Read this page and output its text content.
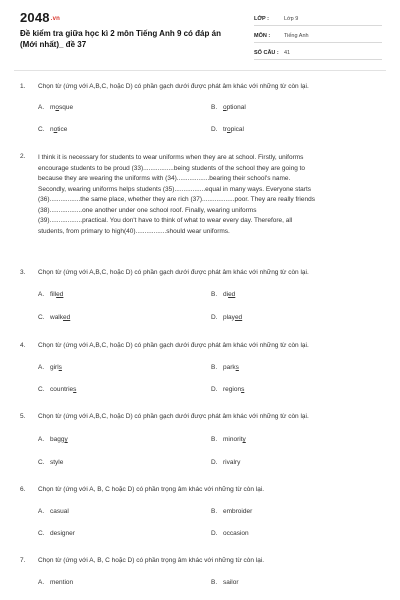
2048.vn
Đề kiểm tra giữa học kì 2 môn Tiếng Anh 9 có đáp án (Mới nhất)_ đề 37
LỚP :	Lớp 9
MÔN :	Tiếng Anh
SỐ CÂU : 41
1.	Chọn từ (ứng với A,B,C, hoặc D) có phần gạch dưới được phát âm khác với những từ còn lại.
A. mosque	B. optional
C. notice	D. tropical
2.	I think it is necessary for students to wear uniforms when they are at school. Firstly, uniforms
encourage students to be proud (33).................being students of the school they are going to
because they are wearing the uniforms with (34)..................bearing their school's name.
Secondly, wearing uniforms helps students (35).................equal in many ways. Everyone starts
(36).................the same place, whether they are rich (37)..................poor. They are really friends
(38)..................one another under one school roof. Finally, wearing uniforms
(39)..................practical. You don't have to think of what to wear every day. Therefore, all
students, from primary to high(40).................should wear uniforms.
3.	Chọn từ (ứng với A,B,C, hoặc D) có phần gạch dưới được phát âm khác với những từ còn lại.
A. filled	B. died
C. walked	D. played
4.	Chọn từ (ứng với A,B,C, hoặc D) có phần gạch dưới được phát âm khác với những từ còn lại.
A. girls	B. parks
C. countries	D. regions
5.	Chọn từ (ứng với A,B,C, hoặc D) có phần gạch dưới được phát âm khác với những từ còn lại.
A. baggy	B. minority
C. style	D. rivalry
6.	Chọn từ (ứng với A, B, C hoặc D) có phần trọng âm khác với những từ còn lại.
A. casual	B. embroider
C. designer	D. occasion
7.	Chọn từ (ứng với A, B, C hoặc D) có phần trọng âm khác với những từ còn lại.
A. mention	B. sailor
